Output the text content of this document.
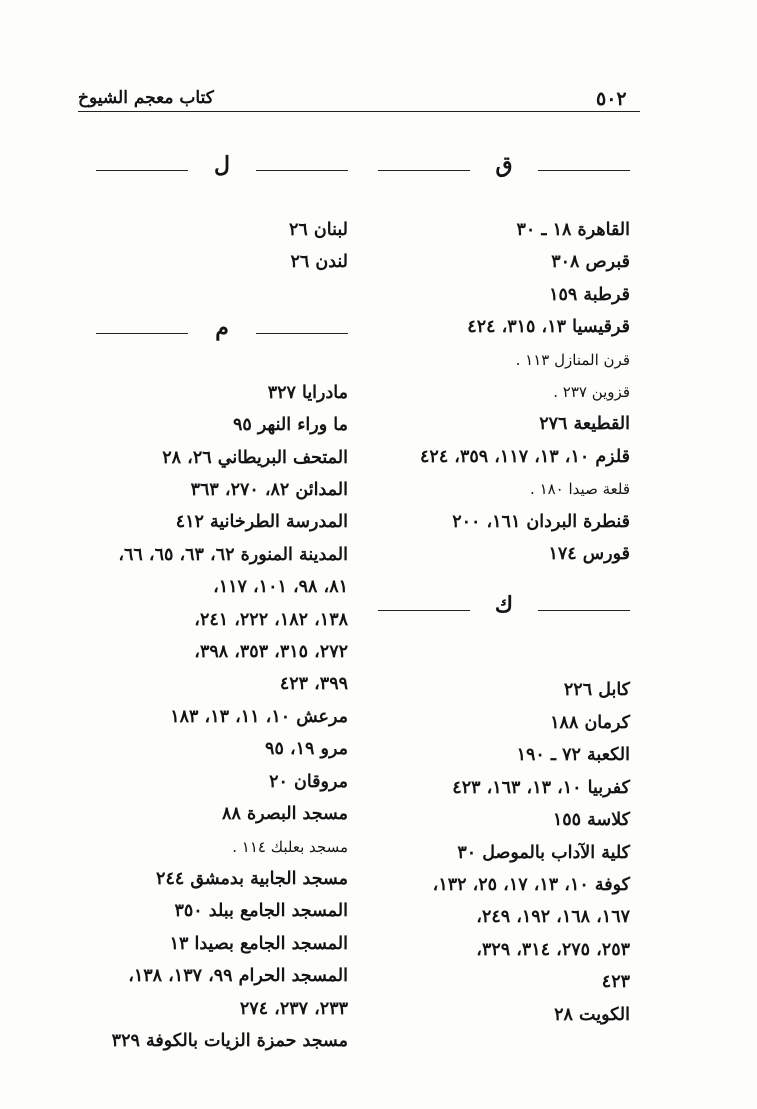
٥٠٢
كتاب معجم الشيوخ
ق
القاهرة ١٨ ـ ٣٠
قبرص ٣٠٨
قرطبة ١٥٩
قرقيسيا ١٣، ٣١٥، ٤٢٤
قرن المنازل ١١٣ .
قزوين ٢٣٧ .
القطيعة ٢٧٦
قلزم ١٠، ١٣، ١١٧، ٣٥٩، ٤٢٤
قلعة صيدا ١٨٠ .
قنطرة البردان ١٦١، ٢٠٠
قورس ١٧٤
ك
كابل ٢٢٦
كرمان ١٨٨
الكعبة ٧٢ ـ ١٩٠
كفربيا ١٠، ١٣، ١٦٣، ٤٢٣
كلاسة ١٥٥
كلية الآداب بالموصل ٣٠
كوفة ١٠، ١٣، ١٧، ٢٥، ١٣٢،
١٦٧، ١٦٨، ١٩٢، ٢٤٩،
٢٥٣، ٢٧٥، ٣١٤، ٣٢٩،
٤٢٣
الكويت ٢٨
ل
لبنان ٢٦
لندن ٢٦
م
مادرايا ٣٢٧
ما وراء النهر ٩٥
المتحف البريطاني ٢٦، ٢٨
المدائن ٨٢، ٢٧٠، ٣٦٣
المدرسة الطرخانية ٤١٢
المدينة المنورة ٦٢، ٦٣، ٦٥، ٦٦،
٨١، ٩٨، ١٠١، ١١٧،
١٣٨، ١٨٢، ٢٢٢، ٢٤١،
٢٧٢، ٣١٥، ٣٥٣، ٣٩٨،
٣٩٩، ٤٢٣
مرعش ١٠، ١١، ١٣، ١٨٣
مرو ١٩، ٩٥
مروقان ٢٠
مسجد البصرة ٨٨
مسجد بعلبك ١١٤ .
مسجد الجابية بدمشق ٢٤٤
المسجد الجامع ببلد ٣٥٠
المسجد الجامع بصيدا ١٣
المسجد الحرام ٩٩، ١٣٧، ١٣٨،
٢٣٣، ٢٣٧، ٢٧٤
مسجد حمزة الزيات بالكوفة ٣٢٩
